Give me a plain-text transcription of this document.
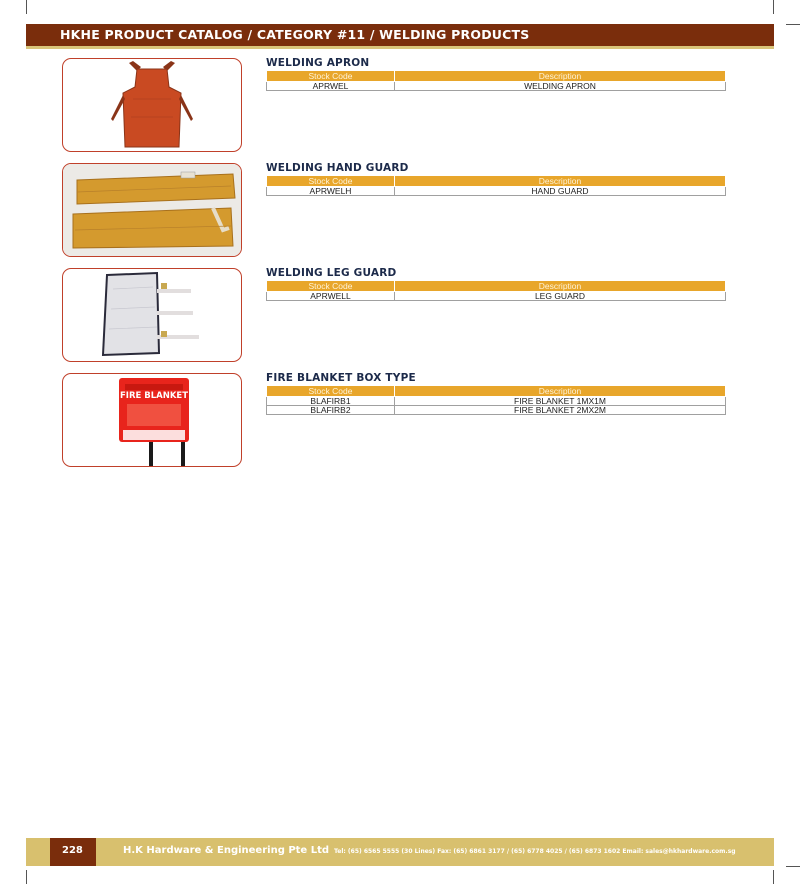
HKHE PRODUCT CATALOG / CATEGORY #11 / WELDING PRODUCTS
FIRE BLANKET
WELDING APRON
Stock Code	Description
APRWEL	WELDING APRON
WELDING HAND GUARD
Stock Code	Description
APRWELH	HAND GUARD
WELDING LEG GUARD
Stock Code	Description
APRWELL	LEG GUARD
FIRE BLANKET BOX TYPE
Stock Code	Description
BLAFIRB1	FIRE BLANKET 1MX1M
BLAFIRB2	FIRE BLANKET 2MX2M
228	H.K Hardware & Engineering Pte Ltd Tel: (65) 6565 5555 (30 Lines) Fax: (65) 6861 3177 / (65) 6778 4025 / (65) 6873 1602 Email: sales@hkhardware.com.sg
